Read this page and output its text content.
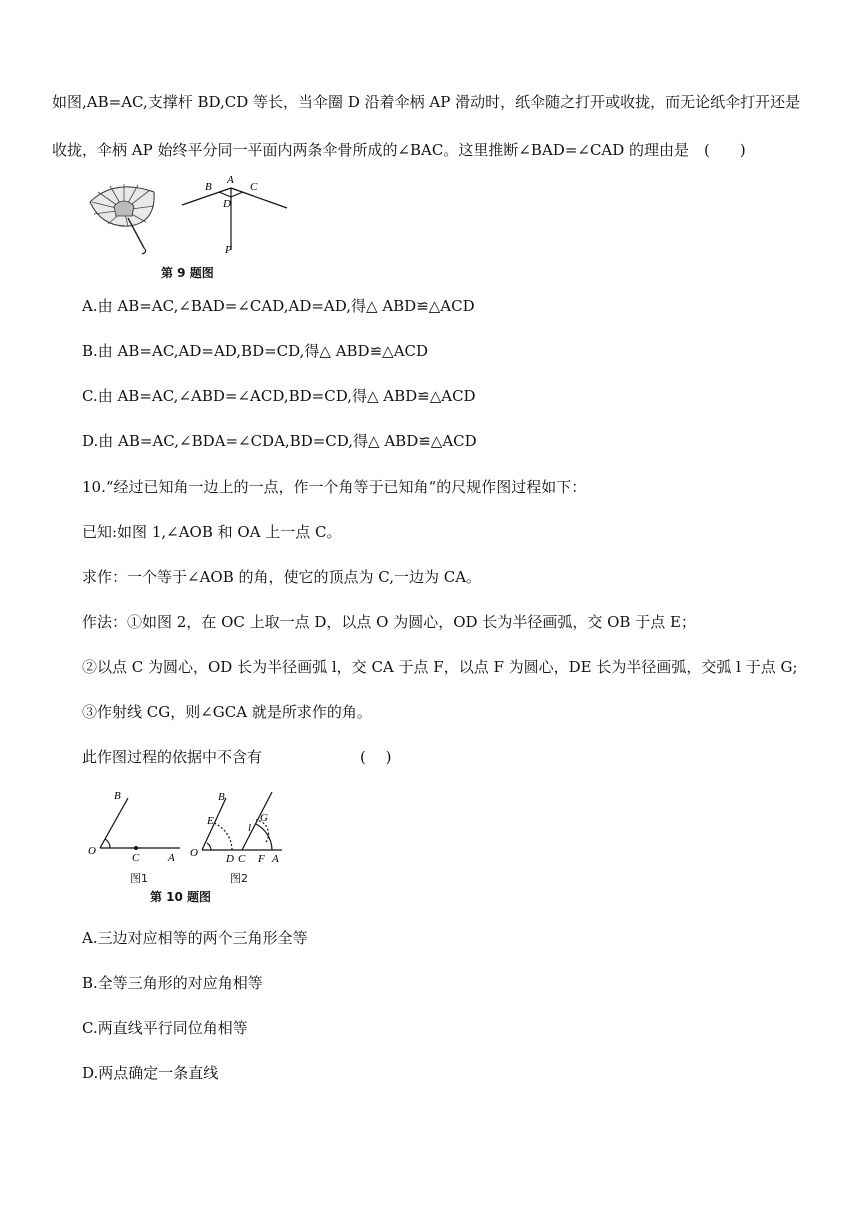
如图,AB=AC,支撑杆 BD,CD 等长，当伞圈 D 沿着伞柄 AP 滑动时，纸伞随之打开或收拢，而无论纸伞打开还是
收拢，伞柄 AP 始终平分同一平面内两条伞骨所成的∠BAC。这里推断∠BAD=∠CAD 的理由是　(　　)
B
A
C
D
P
第 9 题图
A.由 AB=AC,∠BAD=∠CAD,AD=AD,得△ ABD≌△ACD
B.由 AB=AC,AD=AD,BD=CD,得△ ABD≌△ACD
C.由 AB=AC,∠ABD=∠ACD,BD=CD,得△ ABD≌△ACD
D.由 AB=AC,∠BDA=∠CDA,BD=CD,得△ ABD≌△ACD
10.“经过已知角一边上的一点，作一个角等于已知角“的尺规作图过程如下：
已知:如图 1,∠AOB 和 OA 上一点 C。
求作：一个等于∠AOB 的角，使它的顶点为 C,一边为 CA。
作法：①如图 2，在 OC 上取一点 D，以点 O 为圆心，OD 长为半径画弧，交 OB 于点 E；
②以点 C 为圆心，OD 长为半径画弧 l，交 CA 于点 F，以点 F 为圆心，DE 长为半径画弧，交弧 l 于点 G;
③作射线 CG，则∠GCA 就是所求作的角。
此作图过程的依据中不含有	(　 )
B
O
C	A
B
E	G
l
O	D C F A
图1	图2
第 10 题图
A.三边对应相等的两个三角形全等
B.全等三角形的对应角相等
C.两直线平行同位角相等
D.两点确定一条直线
